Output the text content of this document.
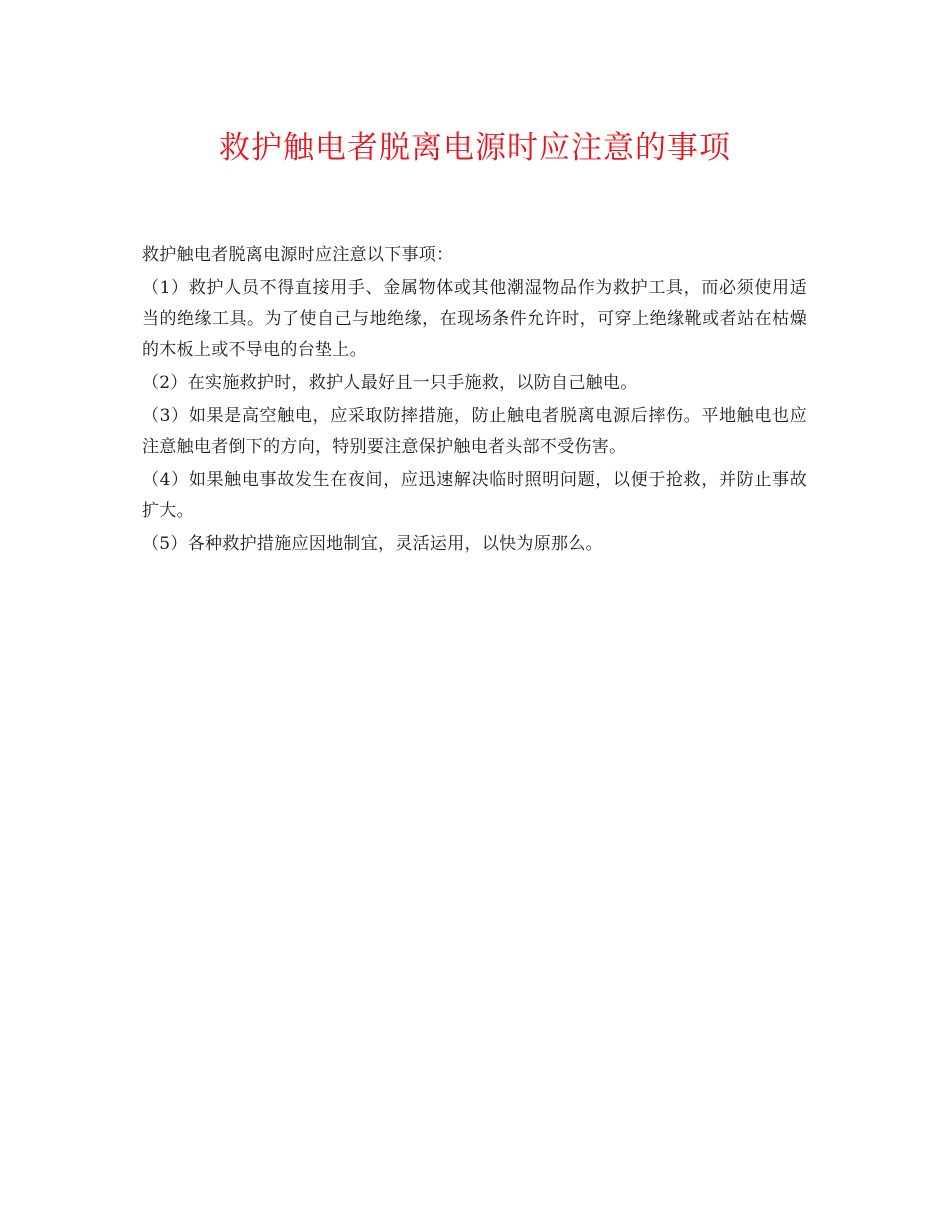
救护触电者脱离电源时应注意的事项

救护触电者脱离电源时应注意以下事项：

（1）救护人员不得直接用手、金属物体或其他潮湿物品作为救护工具，而必须使用适当的绝缘工具。为了使自己与地绝缘，在现场条件允许时，可穿上绝缘靴或者站在枯燥的木板上或不导电的台垫上。

（2）在实施救护时，救护人最好且一只手施救，以防自己触电。

（3）如果是高空触电，应采取防摔措施，防止触电者脱离电源后摔伤。平地触电也应注意触电者倒下的方向，特别要注意保护触电者头部不受伤害。

（4）如果触电事故发生在夜间，应迅速解决临时照明问题，以便于抢救，并防止事故扩大。

（5）各种救护措施应因地制宜，灵活运用，以快为原那么。
